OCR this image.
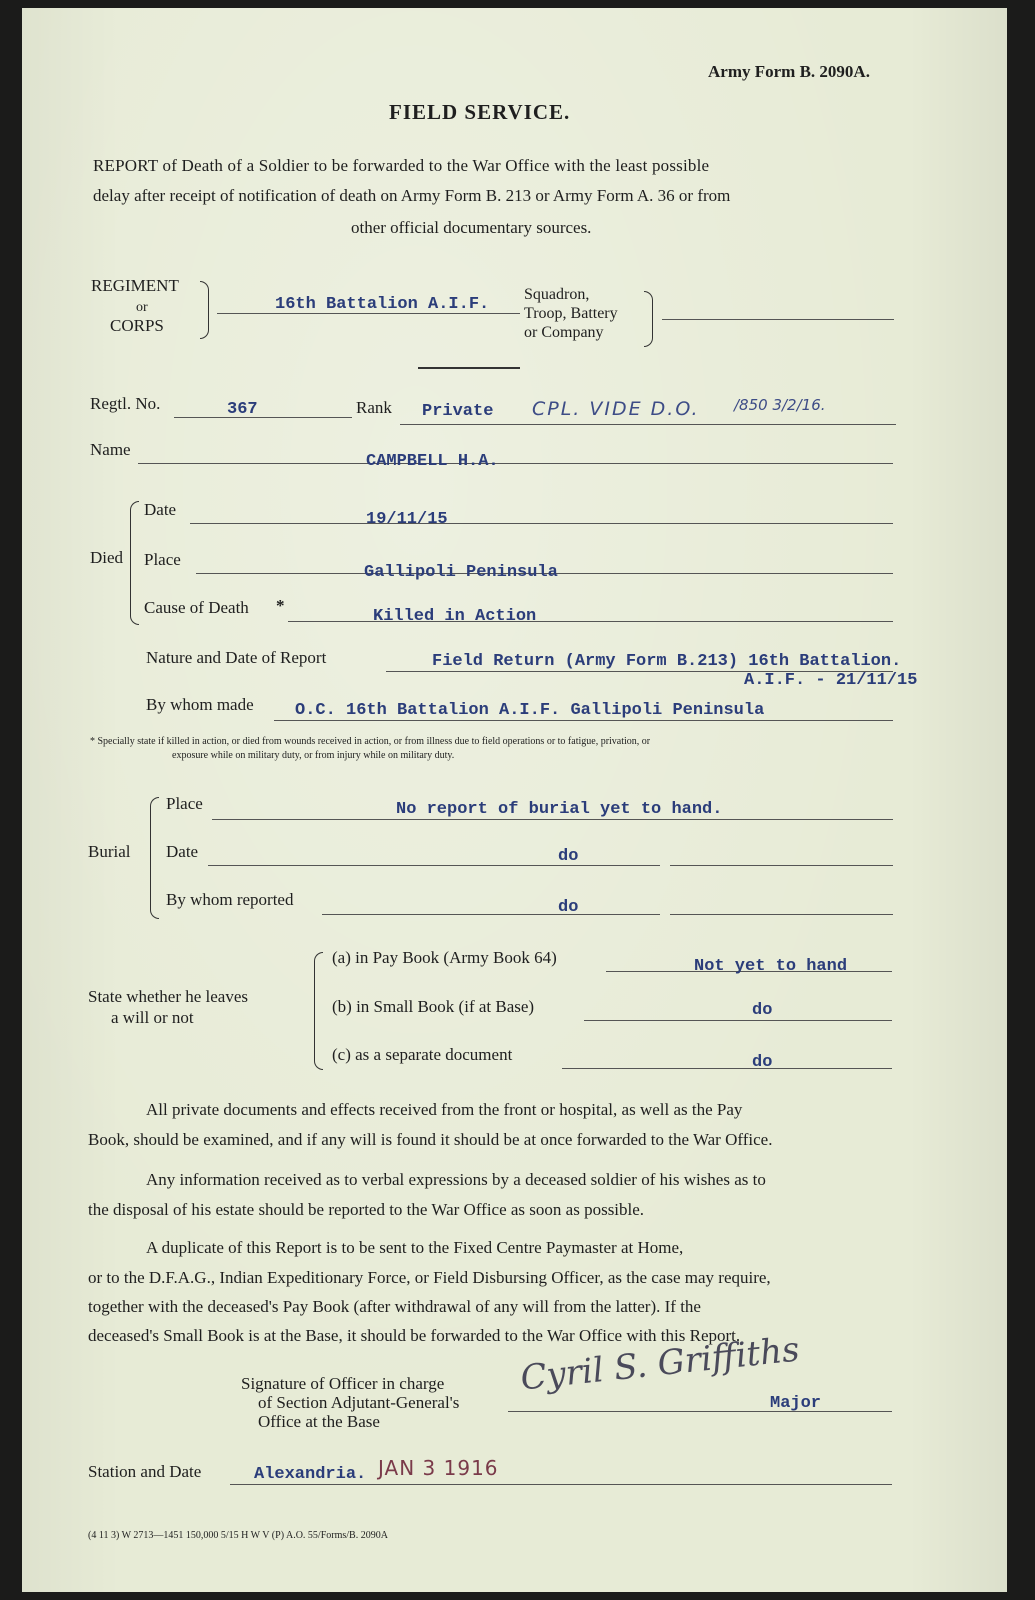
Army Form B. 2090A.
FIELD SERVICE.
REPORT of Death of a Soldier to be forwarded to the War Office with the least possible
delay after receipt of notification of death on Army Form B. 213 or Army Form A. 36 or from
other official documentary sources.
REGIMENT
or
CORPS
16th Battalion A.I.F.
Squadron,
Troop, Battery
or Company
Regtl. No.	367	Rank Private CPL. VIDE D.O. /850 3/2/16.
Name
CAMPBELL H.A.
Died
Date
19/11/15
Place
Gallipoli Peninsula
Cause of Death *
Killed in Action
Nature and Date of Report	Field Return (Army Form B.213) 16th Battalion.
A.I.F. - 21/11/15
By whom made O.C. 16th Battalion A.I.F. Gallipoli Peninsula
* Specially state if killed in action, or died from wounds received in action, or from illness due to field operations or to fatigue, privation, or
exposure while on military duty, or from injury while on military duty.
Burial
Place	No report of burial yet to hand.
Date	do
By whom reported	do
State whether he leaves
a will or not
(a) in Pay Book (Army Book 64)	Not yet to hand
(b) in Small Book (if at Base)	do
(c) as a separate document	do
All private documents and effects received from the front or hospital, as well as the Pay
Book, should be examined, and if any will is found it should be at once forwarded to the War Office.
Any information received as to verbal expressions by a deceased soldier of his wishes as to
the disposal of his estate should be reported to the War Office as soon as possible.
A duplicate of this Report is to be sent to the Fixed Centre Paymaster at Home,
or to the D.F.A.G., Indian Expeditionary Force, or Field Disbursing Officer, as the case may require,
together with the deceased's Pay Book (after withdrawal of any will from the latter). If the
deceased's Small Book is at the Base, it should be forwarded to the War Office with this Report.
Signature of Officer in charge
of Section Adjutant-General's
Office at the Base
Cyril S. Griffiths
Major
Station and Date	Alexandria. JAN 3 1916
(4 11 3) W 2713—1451 150,000 5/15 H W V (P) A.O. 55/Forms/B. 2090A
